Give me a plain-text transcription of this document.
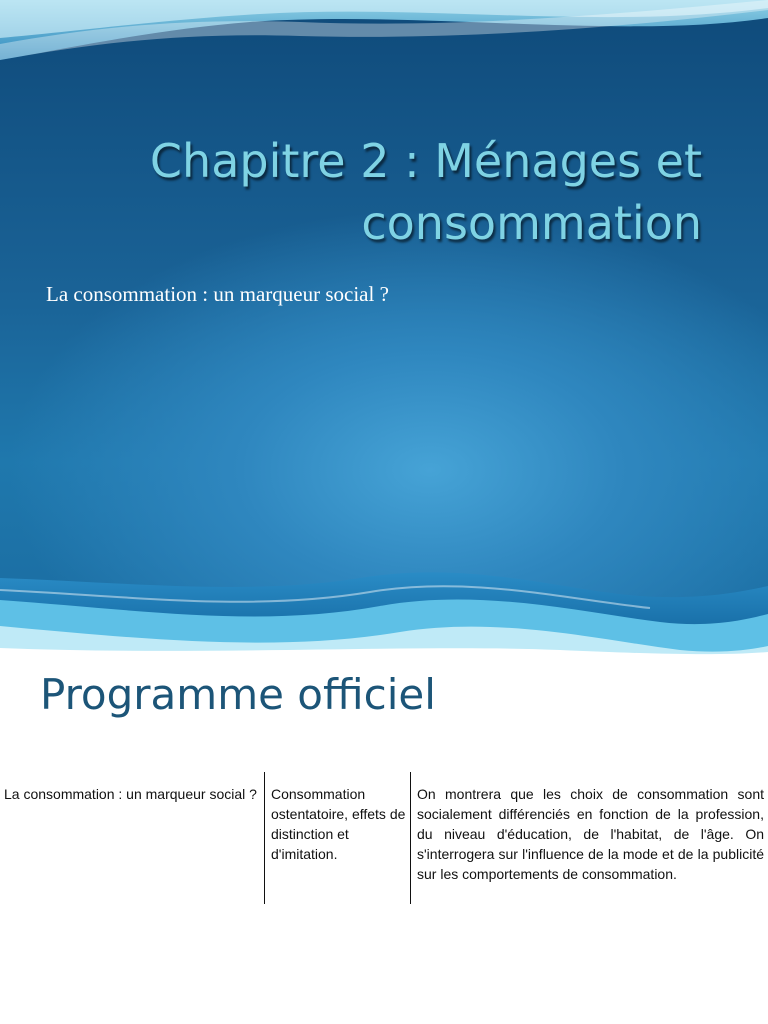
Chapitre 2 : Ménages et consommation
La consommation : un marqueur social ?
Programme officiel
La consommation : un marqueur social ? Consommation ostentatoire, effets de distinction et d'imitation.
On montrera que les choix de consommation sont socialement différenciés en fonction de la profession, du niveau d'éducation, de l'habitat, de l'âge. On s'interrogera sur l'influence de la mode et de la publicité sur les comportements de consommation.
